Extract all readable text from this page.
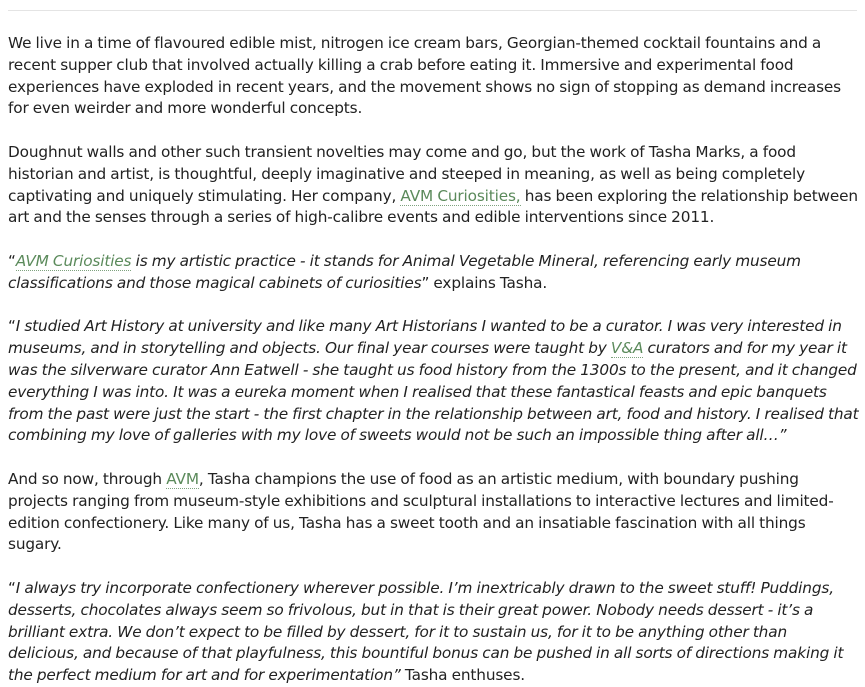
We live in a time of flavoured edible mist, nitrogen ice cream bars, Georgian-themed cocktail fountains and a recent supper club that involved actually killing a crab before eating it. Immersive and experimental food experiences have exploded in recent years, and the movement shows no sign of stopping as demand increases for even weirder and more wonderful concepts.

Doughnut walls and other such transient novelties may come and go, but the work of Tasha Marks, a food historian and artist, is thoughtful, deeply imaginative and steeped in meaning, as well as being completely captivating and uniquely stimulating. Her company, AVM Curiosities, has been exploring the relationship between art and the senses through a series of high-calibre events and edible interventions since 2011.

“AVM Curiosities is my artistic practice - it stands for Animal Vegetable Mineral, referencing early museum classifications and those magical cabinets of curiosities” explains Tasha.

“I studied Art History at university and like many Art Historians I wanted to be a curator. I was very interested in museums, and in storytelling and objects. Our final year courses were taught by V&A curators and for my year it was the silverware curator Ann Eatwell - she taught us food history from the 1300s to the present, and it changed everything I was into. It was a eureka moment when I realised that these fantastical feasts and epic banquets from the past were just the start - the first chapter in the relationship between art, food and history. I realised that combining my love of galleries with my love of sweets would not be such an impossible thing after all…”

And so now, through AVM, Tasha champions the use of food as an artistic medium, with boundary pushing projects ranging from museum-style exhibitions and sculptural installations to interactive lectures and limited-edition confectionery. Like many of us, Tasha has a sweet tooth and an insatiable fascination with all things sugary.

“I always try incorporate confectionery wherever possible. I’m inextricably drawn to the sweet stuff! Puddings, desserts, chocolates always seem so frivolous, but in that is their great power. Nobody needs dessert - it’s a brilliant extra. We don’t expect to be filled by dessert, for it to sustain us, for it to be anything other than delicious, and because of that playfulness, this bountiful bonus can be pushed in all sorts of directions making it the perfect medium for art and for experimentation” Tasha enthuses.
